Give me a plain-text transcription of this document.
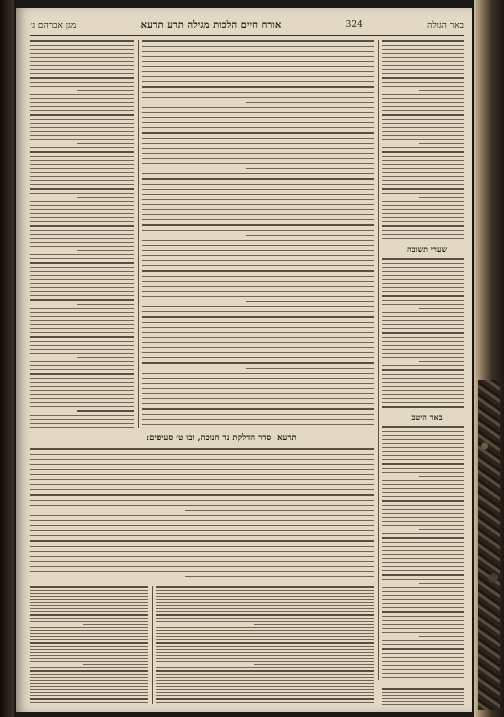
באר הגולה
324
אורח חיים הלכות מגילה תרע תרעא
מגן אברהם ג׳
שערי תשובה
באר היטב
תרעא ‏ סדר הדלקת נר חנוכה, ובו ט׳ סעיפים:
